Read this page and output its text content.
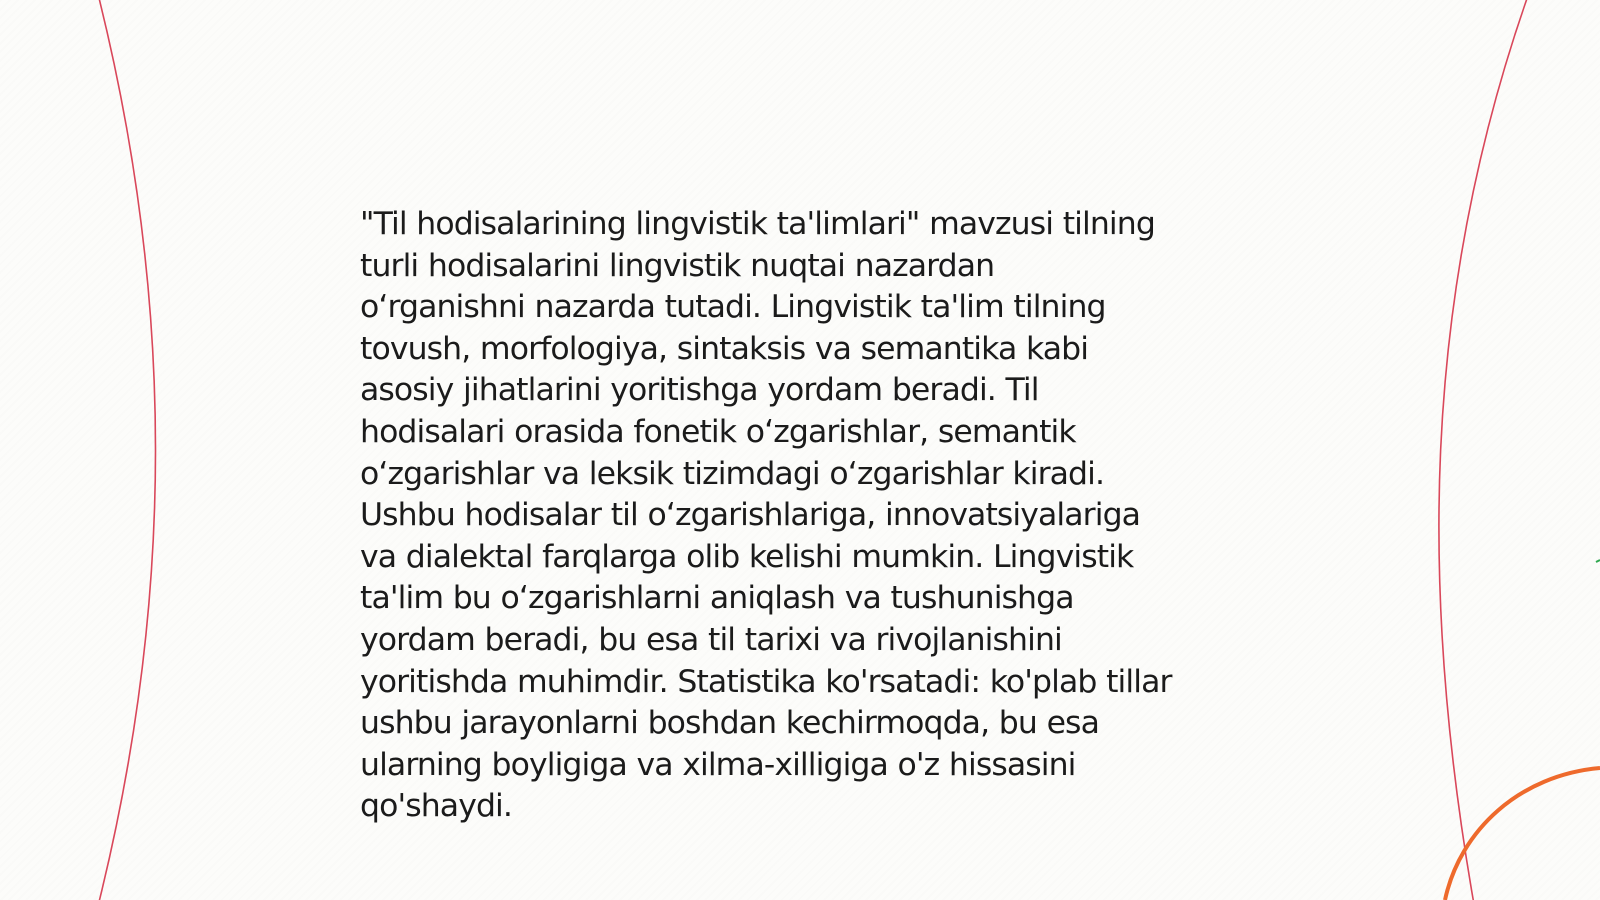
"Til hodisalarining lingvistik ta'limlari" mavzusi tilning
turli hodisalarini lingvistik nuqtai nazardan
o‘rganishni nazarda tutadi. Lingvistik ta'lim tilning
tovush, morfologiya, sintaksis va semantika kabi
asosiy jihatlarini yoritishga yordam beradi. Til
hodisalari orasida fonetik o‘zgarishlar, semantik
o‘zgarishlar va leksik tizimdagi o‘zgarishlar kiradi.
Ushbu hodisalar til o‘zgarishlariga, innovatsiyalariga
va dialektal farqlarga olib kelishi mumkin. Lingvistik
ta'lim bu o‘zgarishlarni aniqlash va tushunishga
yordam beradi, bu esa til tarixi va rivojlanishini
yoritishda muhimdir. Statistika ko'rsatadi: ko'plab tillar
ushbu jarayonlarni boshdan kechirmoqda, bu esa
ularning boyligiga va xilma-xilligiga o'z hissasini
qo'shaydi.
